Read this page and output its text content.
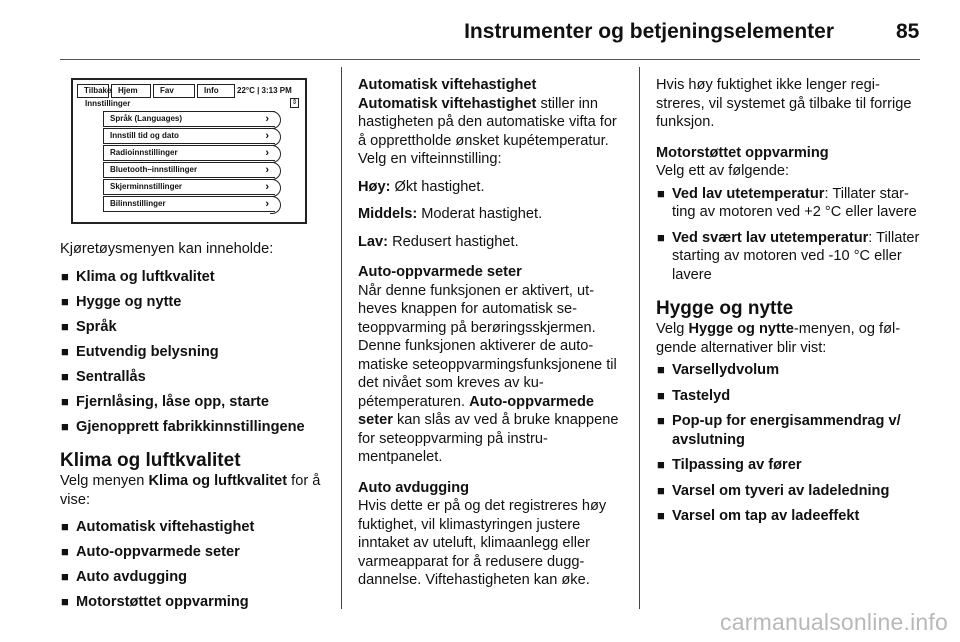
Instrumenter og betjeningselementer	85
Tilbake Hjem	Fav	Info	22°C | 3:13 PM
Innstillinger	⇕
Språk (Languages)	›
Innstill tid og dato	›
Radioinnstillinger	›
Bluetooth–innstillinger	›
Skjerminnstillinger	›
Bilinnstillinger	›

Kjøretøysmenyen kan inneholde:

■ Klima og luftkvalitet
■ Hygge og nytte
■ Språk
■ Eutvendig belysning
■ Sentrallås
■ Fjernlåsing, låse opp, starte
■ Gjenopprett fabrikkinnstillingene
Klima og luftkvalitet

Velg menyen Klima og luftkvalitet for å vise:

■ Automatisk viftehastighet
■ Auto-oppvarmede seter
■ Auto avdugging
■ Motorstøttet oppvarming
Automatisk viftehastighet

Automatisk viftehastighet stiller inn hastigheten på den automatiske vifta for å opprettholde ønsket kupétemperatur. Velg en vifteinnstilling:

Høy: Økt hastighet.

Middels: Moderat hastighet.

Lav: Redusert hastighet.

Auto-oppvarmede seter

Når denne funksjonen er aktivert, utheves knappen for automatisk seteoppvarming på berøringsskjermen. Denne funksjonen aktiverer de automatiske seteoppvarmingsfunksjonene til det nivået som kreves av kupétemperaturen. Auto-oppvarmede seter kan slås av ved å bruke knappene for seteoppvarming på instrumentpanelet.

Auto avdugging

Hvis dette er på og det registreres høy fuktighet, vil klimastyringen justere inntaket av uteluft, klimaanlegg eller varmeapparat for å redusere duggdannelse. Viftehastigheten kan øke.

Hvis høy fuktighet ikke lenger registreres, vil systemet gå tilbake til forrige funksjon.

Motorstøttet oppvarming

Velg ett av følgende:

■ Ved lav utetemperatur: Tillater starting av motoren ved +2 °C eller lavere
■ Ved svært lav utetemperatur: Tillater starting av motoren ved -10 °C eller lavere
Hygge og nytte

Velg Hygge og nytte-menyen, og følgende alternativer blir vist:

■ Varsellydvolum
■ Tastelyd
■ Pop-up for energisammendrag v/ avslutning
■ Tilpassing av fører
■ Varsel om tyveri av ladeledning
■ Varsel om tap av ladeeffekt
carmanualsonline.info
